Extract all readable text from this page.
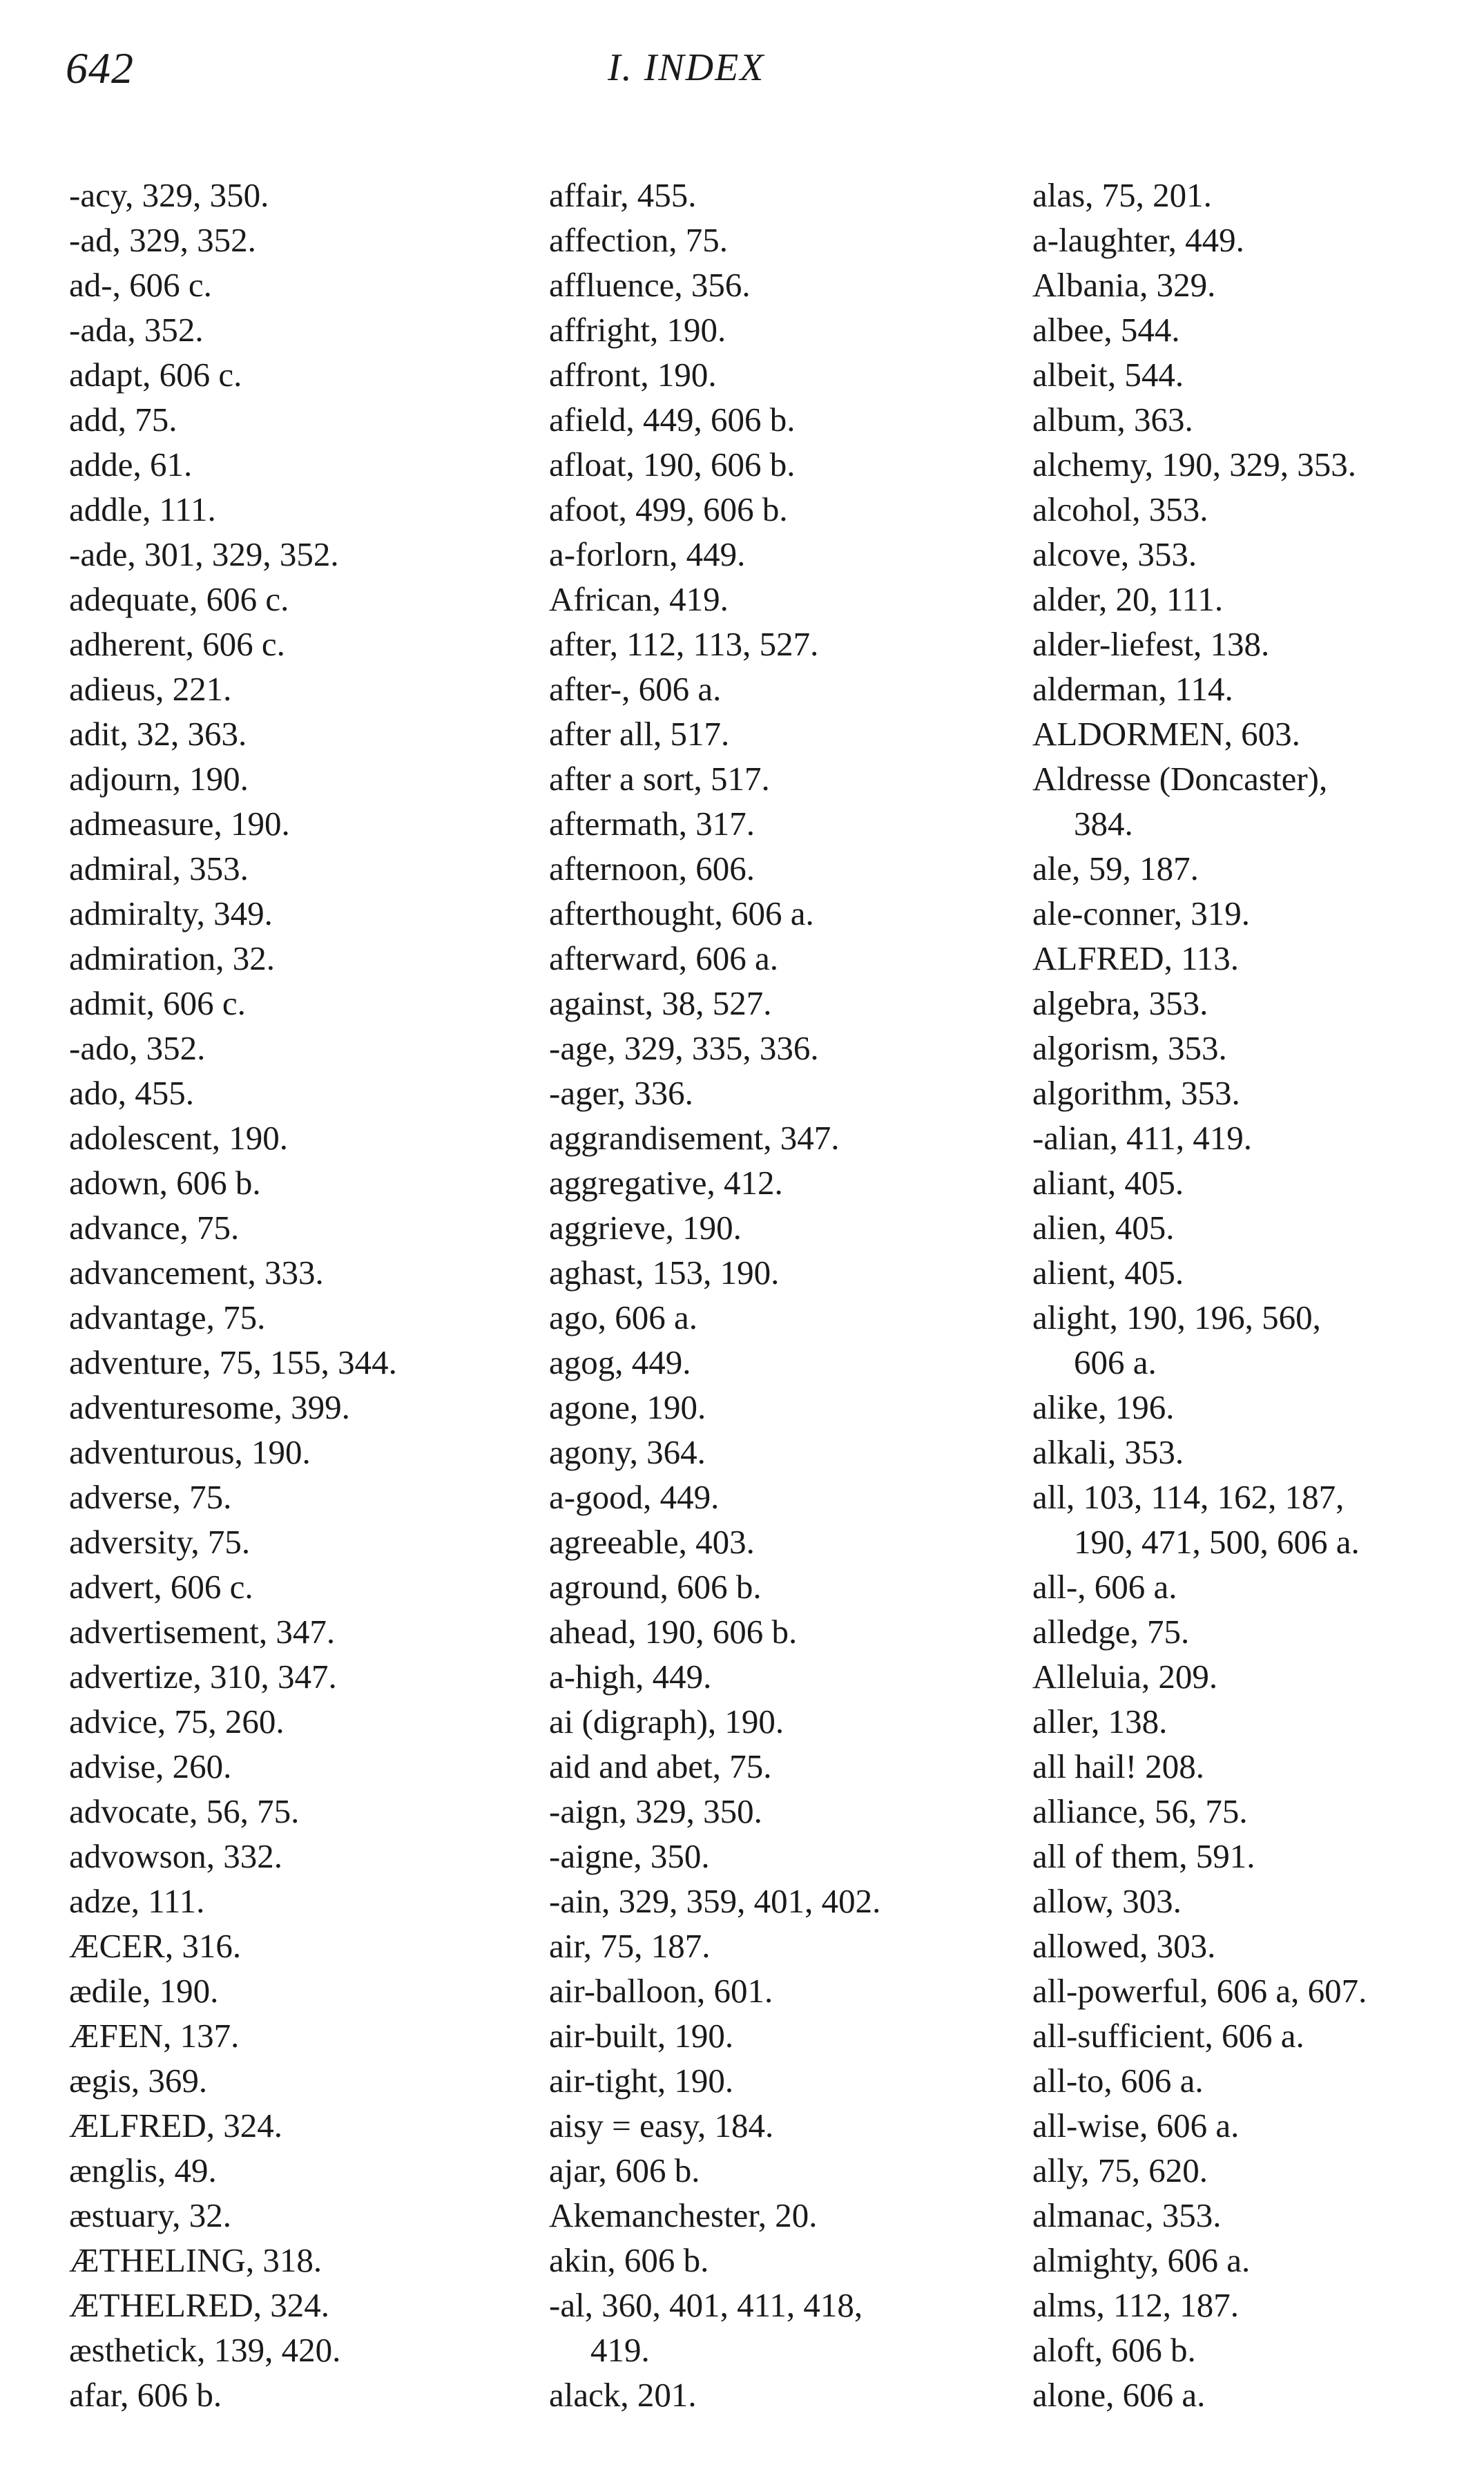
642	I. INDEX
-acy, 329, 350.
-ad, 329, 352.
ad-, 606 c.
-ada, 352.
adapt, 606 c.
add, 75.
adde, 61.
addle, 111.
-ade, 301, 329, 352.
adequate, 606 c.
adherent, 606 c.
adieus, 221.
adit, 32, 363.
adjourn, 190.
admeasure, 190.
admiral, 353.
admiralty, 349.
admiration, 32.
admit, 606 c.
-ado, 352.
ado, 455.
adolescent, 190.
adown, 606 b.
advance, 75.
advancement, 333.
advantage, 75.
adventure, 75, 155, 344.
adventuresome, 399.
adventurous, 190.
adverse, 75.
adversity, 75.
advert, 606 c.
advertisement, 347.
advertize, 310, 347.
advice, 75, 260.
advise, 260.
advocate, 56, 75.
advowson, 332.
adze, 111.
ÆCER, 316.
ædile, 190.
ÆFEN, 137.
ægis, 369.
ÆLFRED, 324.
ænglis, 49.
æstuary, 32.
ÆTHELING, 318.
ÆTHELRED, 324.
æsthetick, 139, 420.
afar, 606 b.
affair, 455.
affection, 75.
affluence, 356.
affright, 190.
affront, 190.
afield, 449, 606 b.
afloat, 190, 606 b.
afoot, 499, 606 b.
a-forlorn, 449.
African, 419.
after, 112, 113, 527.
after-, 606 a.
after all, 517.
after a sort, 517.
aftermath, 317.
afternoon, 606.
afterthought, 606 a.
afterward, 606 a.
against, 38, 527.
-age, 329, 335, 336.
-ager, 336.
aggrandisement, 347.
aggregative, 412.
aggrieve, 190.
aghast, 153, 190.
ago, 606 a.
agog, 449.
agone, 190.
agony, 364.
a-good, 449.
agreeable, 403.
aground, 606 b.
ahead, 190, 606 b.
a-high, 449.
ai (digraph), 190.
aid and abet, 75.
-aign, 329, 350.
-aigne, 350.
-ain, 329, 359, 401, 402.
air, 75, 187.
air-balloon, 601.
air-built, 190.
air-tight, 190.
aisy = easy, 184.
ajar, 606 b.
Akemanchester, 20.
akin, 606 b.
-al, 360, 401, 411, 418,
419.
alack, 201.
alas, 75, 201.
a-laughter, 449.
Albania, 329.
albee, 544.
albeit, 544.
album, 363.
alchemy, 190, 329, 353.
alcohol, 353.
alcove, 353.
alder, 20, 111.
alder-liefest, 138.
alderman, 114.
ALDORMEN, 603.
Aldresse (Doncaster),
384.
ale, 59, 187.
ale-conner, 319.
ALFRED, 113.
algebra, 353.
algorism, 353.
algorithm, 353.
-alian, 411, 419.
aliant, 405.
alien, 405.
alient, 405.
alight, 190, 196, 560,
606 a.
alike, 196.
alkali, 353.
all, 103, 114, 162, 187,
190, 471, 500, 606 a.
all-, 606 a.
alledge, 75.
Alleluia, 209.
aller, 138.
all hail! 208.
alliance, 56, 75.
all of them, 591.
allow, 303.
allowed, 303.
all-powerful, 606 a, 607.
all-sufficient, 606 a.
all-to, 606 a.
all-wise, 606 a.
ally, 75, 620.
almanac, 353.
almighty, 606 a.
alms, 112, 187.
aloft, 606 b.
alone, 606 a.
